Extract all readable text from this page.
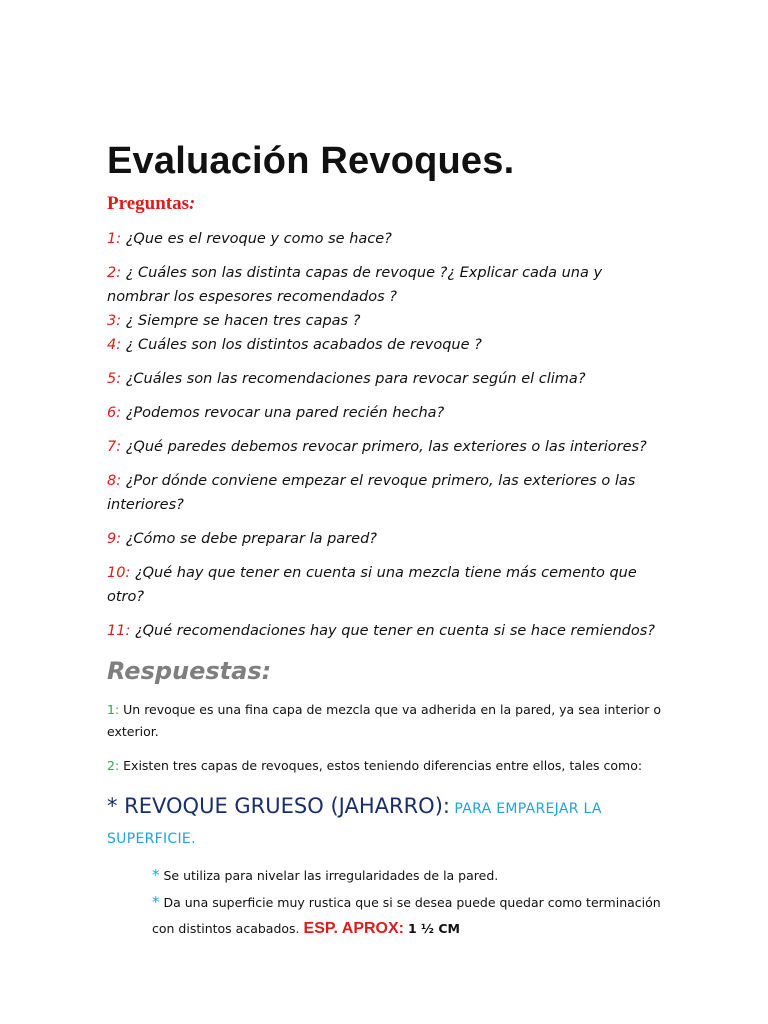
Evaluación Revoques.
Preguntas:
1: ¿Que es el revoque y como se hace?
2: ¿ Cuáles son las distinta capas de revoque ?¿ Explicar cada una y nombrar los espesores recomendados ?
3: ¿ Siempre se hacen tres capas ?
4: ¿ Cuáles son los distintos acabados de revoque ?
5: ¿Cuáles son las recomendaciones para revocar según el clima?
6: ¿Podemos revocar una pared recién hecha?
7: ¿Qué paredes debemos revocar primero, las exteriores o las interiores?
8: ¿Por dónde conviene empezar el revoque primero, las exteriores o las interiores?
9: ¿Cómo se debe preparar la pared?
10: ¿Qué hay que tener en cuenta si una mezcla tiene más cemento que otro?
11: ¿Qué recomendaciones hay que tener en cuenta si se hace remiendos?
Respuestas:
1: Un revoque es una fina capa de mezcla que va adherida en la pared, ya sea interior o exterior.
2: Existen tres capas de revoques, estos teniendo diferencias entre ellos, tales como:
* REVOQUE GRUESO (JAHARRO): PARA EMPAREJAR LA SUPERFICIE.
* Se utiliza para nivelar las irregularidades de la pared.
* Da una superficie muy rustica que si se desea puede quedar como terminación con distintos acabados. ESP. APROX: 1 ½ CM
